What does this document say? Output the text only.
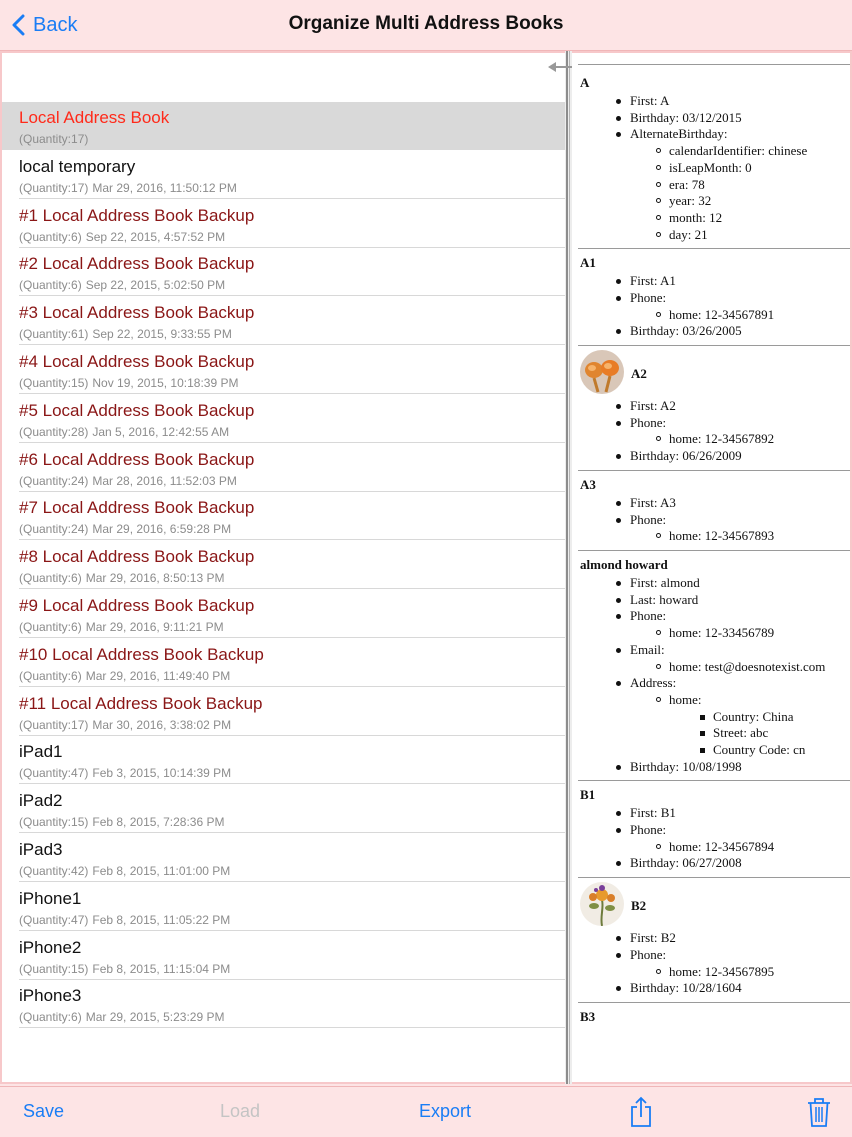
Back	Organize Multi Address Books
Local Address Book
(Quantity:17)
local temporary
(Quantity:17) Mar 29, 2016, 11:50:12 PM
#1 Local Address Book Backup
(Quantity:6) Sep 22, 2015, 4:57:52 PM
#2 Local Address Book Backup
(Quantity:6) Sep 22, 2015, 5:02:50 PM
#3 Local Address Book Backup
(Quantity:61) Sep 22, 2015, 9:33:55 PM
#4 Local Address Book Backup
(Quantity:15) Nov 19, 2015, 10:18:39 PM
#5 Local Address Book Backup
(Quantity:28) Jan 5, 2016, 12:42:55 AM
#6 Local Address Book Backup
(Quantity:24) Mar 28, 2016, 11:52:03 PM
#7 Local Address Book Backup
(Quantity:24) Mar 29, 2016, 6:59:28 PM
#8 Local Address Book Backup
(Quantity:6) Mar 29, 2016, 8:50:13 PM
#9 Local Address Book Backup
(Quantity:6) Mar 29, 2016, 9:11:21 PM
#10 Local Address Book Backup
(Quantity:6) Mar 29, 2016, 11:49:40 PM
#11 Local Address Book Backup
(Quantity:17) Mar 30, 2016, 3:38:02 PM
iPad1
(Quantity:47) Feb 3, 2015, 10:14:39 PM
iPad2
(Quantity:15) Feb 8, 2015, 7:28:36 PM
iPad3
(Quantity:42) Feb 8, 2015, 11:01:00 PM
iPhone1
(Quantity:47) Feb 8, 2015, 11:05:22 PM
iPhone2
(Quantity:15) Feb 8, 2015, 11:15:04 PM
iPhone3
(Quantity:6) Mar 29, 2015, 5:23:29 PM
A
First: A
Birthday: 03/12/2015
AlternateBirthday:
calendarIdentifier: chinese
isLeapMonth: 0
era: 78
year: 32
month: 12
day: 21
A1
First: A1
Phone:
home: 12-34567891
Birthday: 03/26/2005
A2
First: A2
Phone:
home: 12-34567892
Birthday: 06/26/2009
A3
First: A3
Phone:
home: 12-34567893
almond howard
First: almond
Last: howard
Phone:
home: 12-33456789
Email:
home: test@doesnotexist.com
Address:
home:
Country: China
Street: abc
Country Code: cn
Birthday: 10/08/1998
B1
First: B1
Phone:
home: 12-34567894
Birthday: 06/27/2008
B2
First: B2
Phone:
home: 12-34567895
Birthday: 10/28/1604
B3
Save	Load	Export
